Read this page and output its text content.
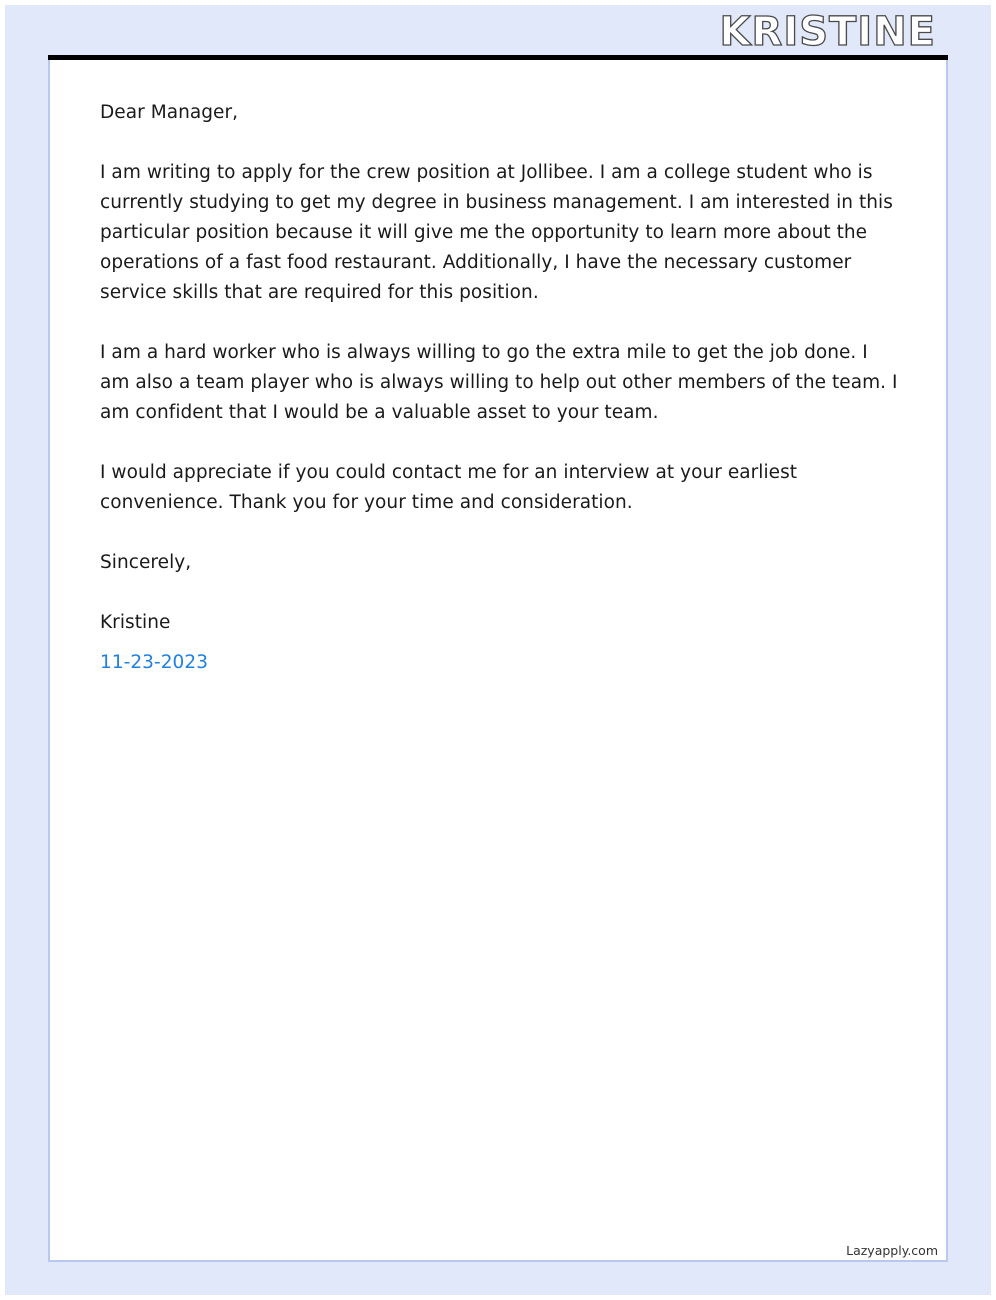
KRISTINE

Dear Manager,

I am writing to apply for the crew position at Jollibee. I am a college student who is currently studying to get my degree in business management. I am interested in this particular position because it will give me the opportunity to learn more about the operations of a fast food restaurant. Additionally, I have the necessary customer service skills that are required for this position.

I am a hard worker who is always willing to go the extra mile to get the job done. I am also a team player who is always willing to help out other members of the team. I am confident that I would be a valuable asset to your team.

I would appreciate if you could contact me for an interview at your earliest convenience. Thank you for your time and consideration.

Sincerely,

Kristine

11-23-2023

Lazyapply.com
